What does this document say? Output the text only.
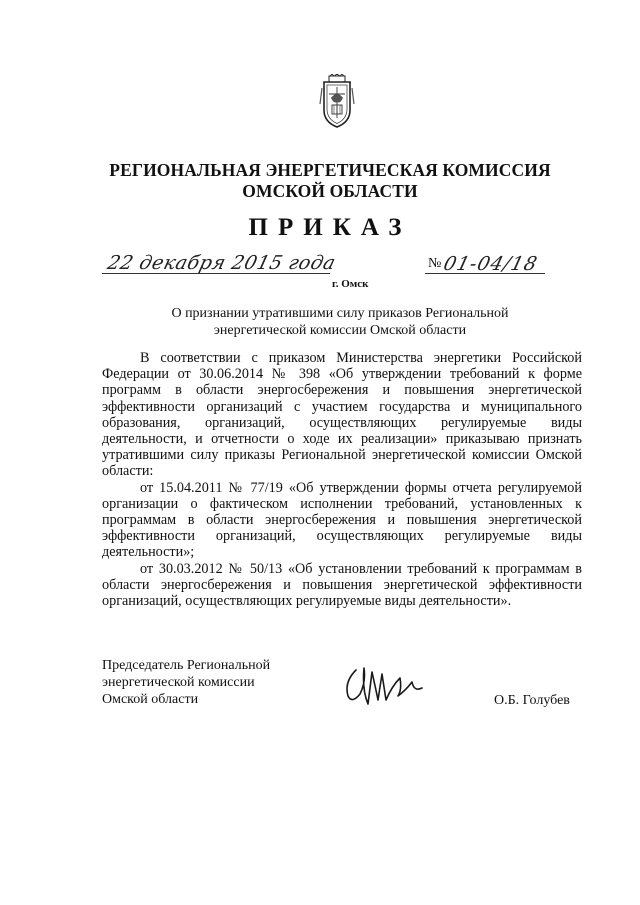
РЕГИОНАЛЬНАЯ ЭНЕРГЕТИЧЕСКАЯ КОМИССИЯ
ОМСКОЙ ОБЛАСТИ
ПРИКАЗ
22 декабря 2015 года
г. Омск
№ 01-04/18
О признании утратившими силу приказов Региональной
энергетической комиссии Омской области

В соответствии с приказом Министерства энергетики Российской Федерации от 30.06.2014 № 398 «Об утверждении требований к форме программ в области энергосбережения и повышения энергетической эффективности организаций с участием государства и муниципального образования, организаций, осуществляющих регулируемые виды деятельности, и отчетности о ходе их реализации» приказываю признать утратившими силу приказы Региональной энергетической комиссии Омской области:

от 15.04.2011 № 77/19 «Об утверждении формы отчета регулируемой организации о фактическом исполнении требований, установленных к программам в области энергосбережения и повышения энергетической эффективности организаций, осуществляющих регулируемые виды деятельности»;

от 30.03.2012 № 50/13 «Об установлении требований к программам в области энергосбережения и повышения энергетической эффективности организаций, осуществляющих регулируемые виды деятельности».

Председатель Региональной
энергетической комиссии
Омской области	О.Б. Голубев
